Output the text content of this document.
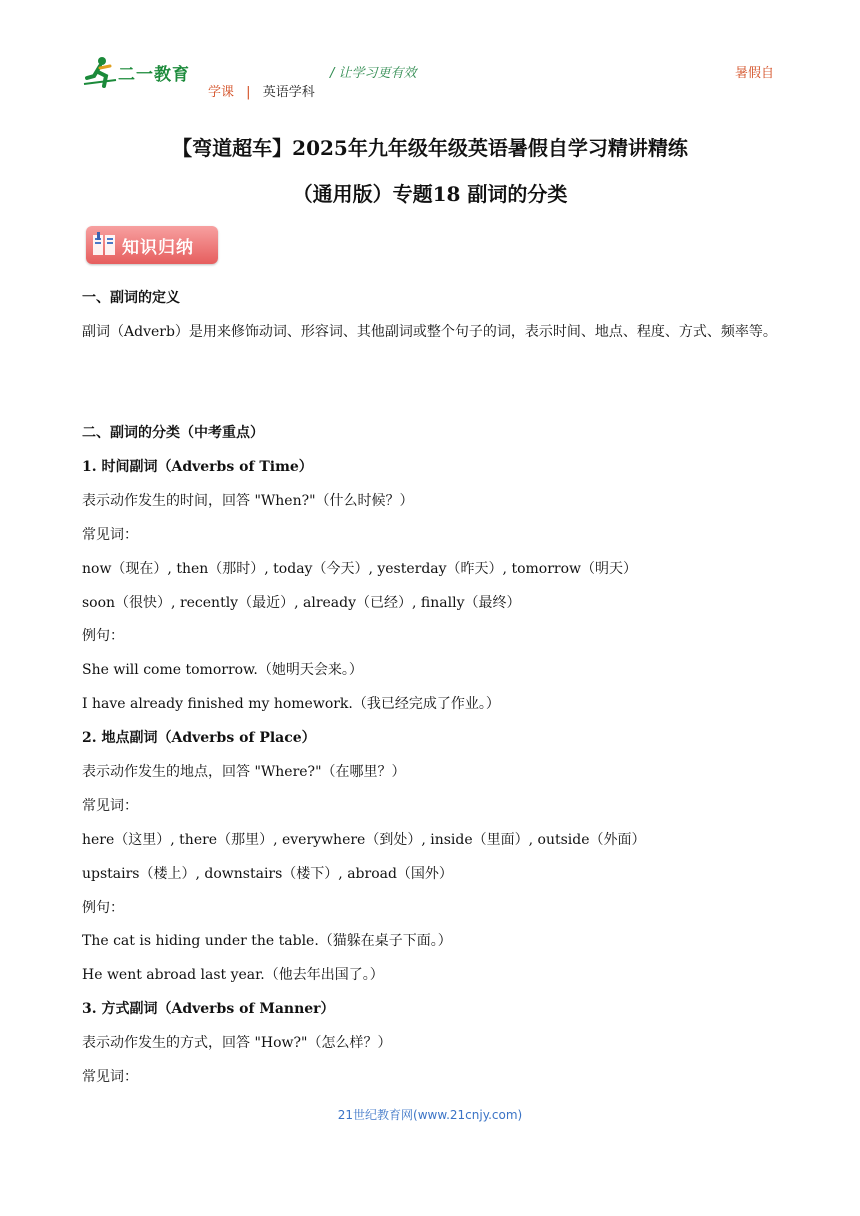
二一教育	/ 让学习更有效	暑假自
学课 | 英语学科
【弯道超车】2025年九年级年级英语暑假自学习精讲精练
（通用版）专题18 副词的分类
知识归纳
一、副词的定义
副词（Adverb）是用来修饰动词、形容词、其他副词或整个句子的词，表示时间、地点、程度、方式、频率等。
二、副词的分类（中考重点）
1. 时间副词（Adverbs of Time）
表示动作发生的时间，回答 "When?"（什么时候？）
常见词：
now（现在）, then（那时）, today（今天）, yesterday（昨天）, tomorrow（明天）
soon（很快）, recently（最近）, already（已经）, finally（最终）
例句：
She will come tomorrow.（她明天会来。）
I have already finished my homework.（我已经完成了作业。）
2. 地点副词（Adverbs of Place）
表示动作发生的地点，回答 "Where?"（在哪里？）
常见词：
here（这里）, there（那里）, everywhere（到处）, inside（里面）, outside（外面）
upstairs（楼上）, downstairs（楼下）, abroad（国外）
例句：
The cat is hiding under the table.（猫躲在桌子下面。）
He went abroad last year.（他去年出国了。）
3. 方式副词（Adverbs of Manner）
表示动作发生的方式，回答 "How?"（怎么样？）
常见词：
21世纪教育网(www.21cnjy.com)
